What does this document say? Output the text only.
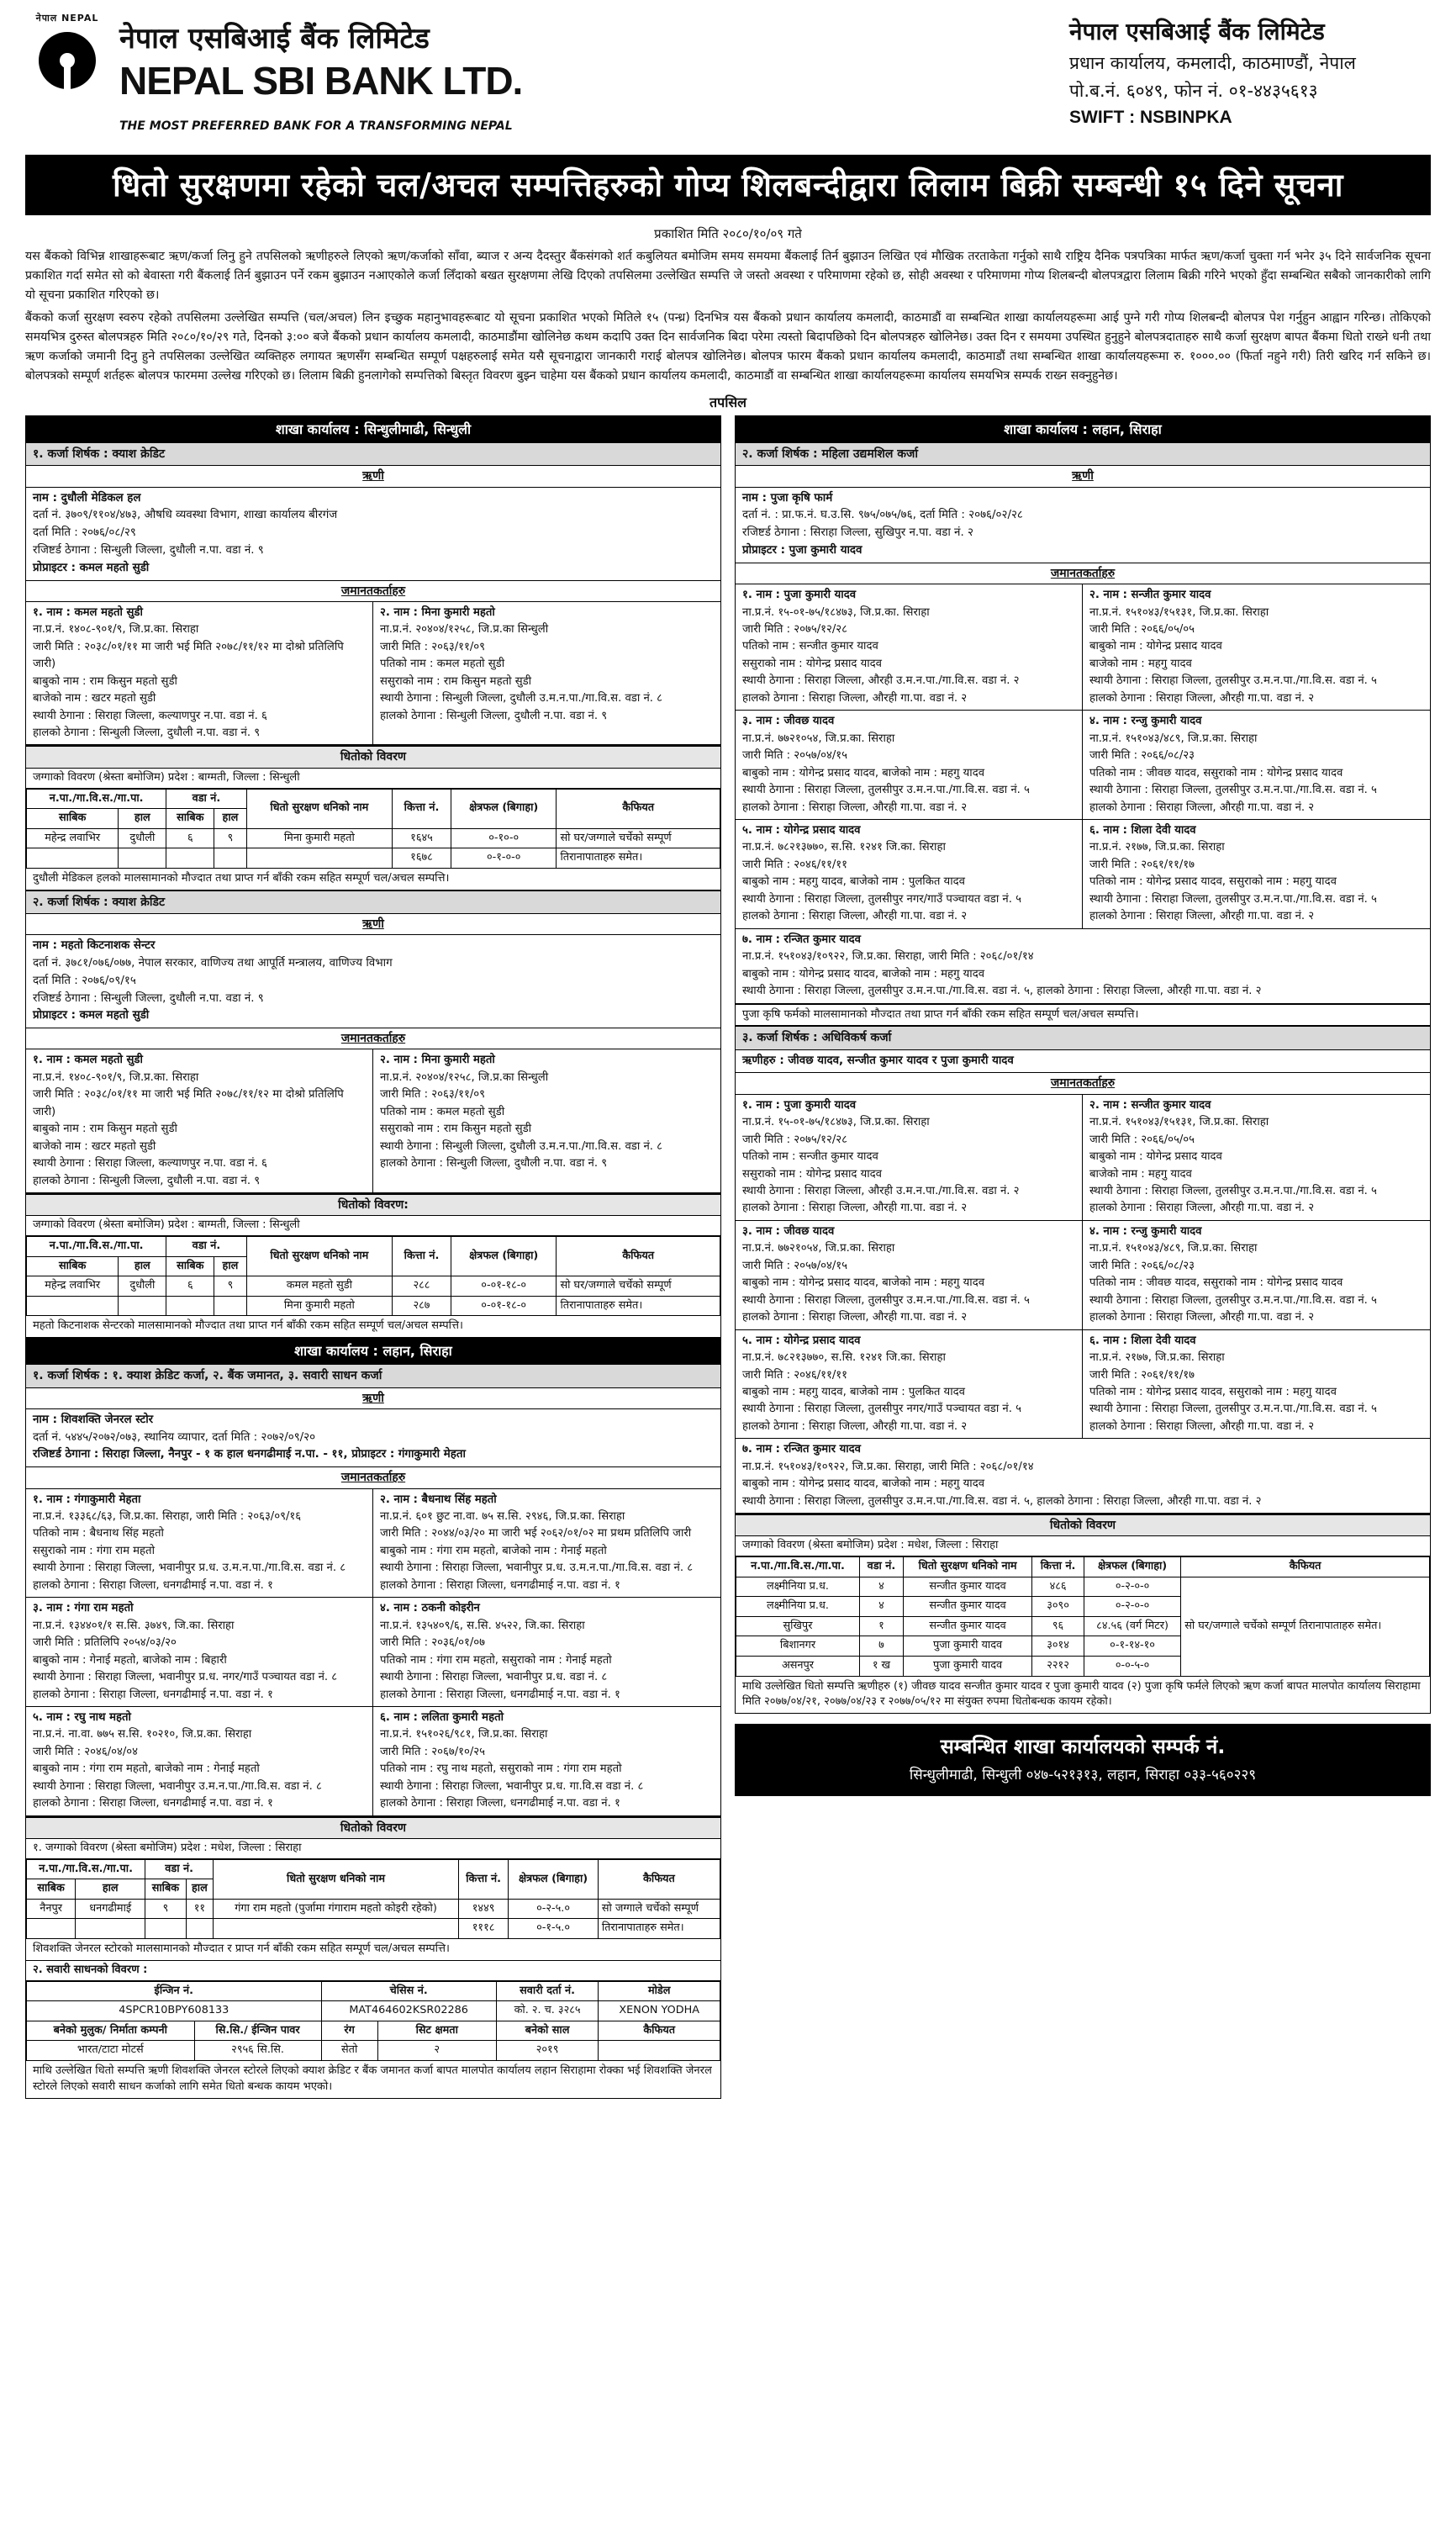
नेपाल NEPAL
नेपाल एसबिआई बैंक लिमिटेड
NEPAL SBI BANK LTD.
THE MOST PREFERRED BANK FOR A TRANSFORMING NEPAL
नेपाल एसबिआई बैंक लिमिटेड
प्रधान कार्यालय, कमलादी, काठमाण्डौं, नेपाल
पो.ब.नं. ६०४९, फोन नं. ०१-४४३५६१३
SWIFT : NSBINPKA
धितो सुरक्षणमा रहेको चल/अचल सम्पत्तिहरुको गोप्य शिलबन्दीद्वारा लिलाम बिक्री सम्बन्धी १५ दिने सूचना
प्रकाशित मिति २०८०/१०/०९ गते

यस बैंकको विभिन्न शाखाहरूबाट ऋण/कर्जा लिनु हुने तपसिलको ऋणीहरुले लिएको ऋण/कर्जाको साँवा, ब्याज र अन्य दैदस्तुर बैंकसंगको शर्त कबुलियत बमोजिम समय समयमा बैंकलाई तिर्न बुझाउन लिखित एवं मौखिक तरताकेता गर्नुको साथै राष्ट्रिय दैनिक पत्रपत्रिका मार्फत ऋण/कर्जा चुक्ता गर्न भनेर ३५ दिने सार्वजनिक सूचना प्रकाशित गर्दा समेत सो को बेवास्ता गरी बैंकलाई तिर्न बुझाउन पर्ने रकम बुझाउन नआएकोले कर्जा लिँदाको बखत सुरक्षणमा लेखि दिएको तपसिलमा उल्लेखित सम्पत्ति जे जस्तो अवस्था र परिमाणमा रहेको छ, सोही अवस्था र परिमाणमा गोप्य शिलबन्दी बोलपत्रद्वारा लिलाम बिक्री गरिने भएको हुँदा सम्बन्धित सबैको जानकारीको लागि यो सूचना प्रकाशित गरिएको छ।

बैंकको कर्जा सुरक्षण स्वरुप रहेको तपसिलमा उल्लेखित सम्पत्ति (चल/अचल) लिन इच्छुक महानुभावहरूबाट यो सूचना प्रकाशित भएको मितिले १५ (पन्ध्र) दिनभित्र यस बैंकको प्रधान कार्यालय कमलादी, काठमाडौं वा सम्बन्धित शाखा कार्यालयहरूमा आई पुग्ने गरी गोप्य शिलबन्दी बोलपत्र पेश गर्नुहुन आह्वान गरिन्छ। तोकिएको समयभित्र दुरुस्त बोलपत्रहरु मिति २०८०/१०/२९ गते, दिनको ३:०० बजे बैंकको प्रधान कार्यालय कमलादी, काठमाडौंमा खोलिनेछ कथम कदापि उक्त दिन सार्वजनिक बिदा परेमा त्यस्तो बिदापछिको दिन बोलपत्रहरु खोलिनेछ। उक्त दिन र समयमा उपस्थित हुनुहुने बोलपत्रदाताहरु साथै कर्जा सुरक्षण बापत बैंकमा धितो राख्ने धनी तथा ऋण कर्जाको जमानी दिनु हुने तपसिलका उल्लेखित व्यक्तिहरु लगायत ऋणसँग सम्बन्धित सम्पूर्ण पक्षहरुलाई समेत यसै सूचनाद्वारा जानकारी गराई बोलपत्र खोलिनेछ। बोलपत्र फारम बैंकको प्रधान कार्यालय कमलादी, काठमाडौं तथा सम्बन्धित शाखा कार्यालयहरूमा रु. १०००.०० (फिर्ता नहुने गरी) तिरी खरिद गर्न सकिने छ। बोलपत्रको सम्पूर्ण शर्तहरू बोलपत्र फारममा उल्लेख गरिएको छ। लिलाम बिक्री हुनलागेको सम्पत्तिको बिस्तृत विवरण बुझ्न चाहेमा यस बैंकको प्रधान कार्यालय कमलादी, काठमाडौं वा सम्बन्धित शाखा कार्यालयहरूमा कार्यालय समयभित्र सम्पर्क राख्न सक्नुहुनेछ।

तपसिल
शाखा कार्यालय : सिन्धुलीमाढी, सिन्धुली
१. कर्जा शिर्षक : क्याश क्रेडिट
ऋणी
नाम : दुधौली मेडिकल हल
दर्ता नं. ३७०९/११०४/४७३, औषधि व्यवस्था विभाग, शाखा कार्यालय बीरगंज
दर्ता मिति : २०७६/०८/२९
रजिष्टर्ड ठेगाना : सिन्धुली जिल्ला, दुधौली न.पा. वडा नं. ९
प्रोप्राइटर : कमल महतो सुडी
जमानतकर्ताहरु
१. नाम : कमल महतो सुडी
ना.प्र.नं. १४०८-९०१/९, जि.प्र.का. सिराहा
जारी मिति : २०३८/०१/११ मा जारी भई मिति २०७८/११/१२ मा दोश्रो प्रतिलिपि जारी)
बाबुको नाम : राम किसुन महतो सुडी
बाजेको नाम : खटर महतो सुडी
स्थायी ठेगाना : सिराहा जिल्ला, कल्याणपुर न.पा. वडा नं. ६
हालको ठेगाना : सिन्धुली जिल्ला, दुधौली न.पा. वडा नं. ९
२. नाम : मिना कुमारी महतो
ना.प्र.नं. २०४०४/१२५८, जि.प्र.का सिन्धुली
जारी मिति : २०६३/११/०९
पतिको नाम : कमल महतो सुडी
ससुराको नाम : राम किसुन महतो सुडी
स्थायी ठेगाना : सिन्धुली जिल्ला, दुधौली उ.म.न.पा./गा.वि.स. वडा नं. ८
हालको ठेगाना : सिन्धुली जिल्ला, दुधौली न.पा. वडा नं. ९
धितोको विवरण
जग्गाको विवरण (श्रेस्ता बमोजिम) प्रदेश : बाग्मती, जिल्ला : सिन्धुली
न.पा./गा.वि.स./गा.पा.		वडा नं.		धितो सुरक्षण धनिको नाम	कित्ता नं.	क्षेत्रफल (बिगाहा)	कैफियत
साबिक	हाल	साबिक	हाल				
महेन्द्र लवाभिर	दुधौली	६	९	मिना कुमारी महतो	१६४५	०-१०-०	सो घर/जग्गाले चर्चेको सम्पूर्ण
					१६७८	०-१-०-०	तिरानापाताहरु समेत।
दुधौली मेडिकल हलको मालसामानको मौज्दात तथा प्राप्त गर्न बाँकी रकम सहित सम्पूर्ण चल/अचल सम्पत्ति।
२. कर्जा शिर्षक : क्याश क्रेडिट
ऋणी
नाम : महतो किटनाशक सेन्टर
दर्ता नं. ३७८१/०७६/०७७, नेपाल सरकार, वाणिज्य तथा आपूर्ति मन्त्रालय, वाणिज्य विभाग
दर्ता मिति : २०७६/०९/१५
रजिष्टर्ड ठेगाना : सिन्धुली जिल्ला, दुधौली न.पा. वडा नं. ९
प्रोप्राइटर : कमल महतो सुडी
जमानतकर्ताहरु
१. नाम : कमल महतो सुडी
ना.प्र.नं. १४०८-९०१/९, जि.प्र.का. सिराहा
जारी मिति : २०३८/०१/११ मा जारी भई मिति २०७८/११/१२ मा दोश्रो प्रतिलिपि जारी)
बाबुको नाम : राम किसुन महतो सुडी
बाजेको नाम : खटर महतो सुडी
स्थायी ठेगाना : सिराहा जिल्ला, कल्याणपुर न.पा. वडा नं. ६
हालको ठेगाना : सिन्धुली जिल्ला, दुधौली न.पा. वडा नं. ९
२. नाम : मिना कुमारी महतो
ना.प्र.नं. २०४०४/१२५८, जि.प्र.का सिन्धुली
जारी मिति : २०६३/११/०९
पतिको नाम : कमल महतो सुडी
ससुराको नाम : राम किसुन महतो सुडी
स्थायी ठेगाना : सिन्धुली जिल्ला, दुधौली उ.म.न.पा./गा.वि.स. वडा नं. ८
हालको ठेगाना : सिन्धुली जिल्ला, दुधौली न.पा. वडा नं. ९
धितोको विवरण:
जग्गाको विवरण (श्रेस्ता बमोजिम) प्रदेश : बाग्मती, जिल्ला : सिन्धुली
न.पा./गा.वि.स./गा.पा.		वडा नं.		धितो सुरक्षण धनिको नाम	कित्ता नं.	क्षेत्रफल (बिगाहा)	कैफियत
साबिक	हाल	साबिक	हाल				
महेन्द्र लवाभिर	दुधौली	६	९	कमल महतो सुडी	२८८	०-०१-१८-०	सो घर/जग्गाले चर्चेको सम्पूर्ण
				मिना कुमारी महतो	२८७	०-०१-१८-०	तिरानापाताहरु समेत।
महतो किटनाशक सेन्टरको मालसामानको मौज्दात तथा प्राप्त गर्न बाँकी रकम सहित सम्पूर्ण चल/अचल सम्पत्ति।
शाखा कार्यालय : लहान, सिराहा
१. कर्जा शिर्षक : १. क्याश क्रेडिट कर्जा, २. बैंक जमानत, ३. सवारी साधन कर्जा
ऋणी
नाम : शिवशक्ति जेनरल स्टोर
दर्ता नं. ५४४५/२०७२/०७३, स्थानिय व्यापार, दर्ता मिति : २०७२/०९/२०
रजिष्टर्ड ठेगाना : सिराहा जिल्ला, नैनपुर - १ क हाल धनगढीमाई न.पा. - ११, प्रोप्राइटर : गंगाकुमारी मेहता
जमानतकर्ताहरु
१. नाम : गंगाकुमारी मेहता
ना.प्र.नं. १३३६८/६३, जि.प्र.का. सिराहा, जारी मिति : २०६३/०९/१६
पतिको नाम : बैधनाथ सिंह महतो
ससुराको नाम : गंगा राम महतो
स्थायी ठेगाना : सिराहा जिल्ला, भवानीपुर प्र.ध. उ.म.न.पा./गा.वि.स. वडा नं. ८
हालको ठेगाना : सिराहा जिल्ला, धनगढीमाई न.पा. वडा नं. १
२. नाम : बैधनाथ सिंह महतो
ना.प्र.नं. ६०१ छुट ना.वा. ७५ स.सि. २९४६, जि.प्र.का. सिराहा
जारी मिति : २०४४/०३/२० मा जारी भई २०६२/०१/०२ मा प्रथम प्रतिलिपि जारी
बाबुको नाम : गंगा राम महतो, बाजेको नाम : गेनाई महतो
स्थायी ठेगाना : सिराहा जिल्ला, भवानीपुर प्र.ध. उ.म.न.पा./गा.वि.स. वडा नं. ८
हालको ठेगाना : सिराहा जिल्ला, धनगढीमाई न.पा. वडा नं. १
३. नाम : गंगा राम महतो
ना.प्र.नं. १३४४०१/१ स.सि. ३७४९, जि.का. सिराहा
जारी मिति : प्रतिलिपि २०५४/०३/२०
बाबुको नाम : गेनाई महतो, बाजेको नाम : बिहारी
स्थायी ठेगाना : सिराहा जिल्ला, भवानीपुर प्र.ध. नगर/गाउँ पञ्चायत वडा नं. ८
हालको ठेगाना : सिराहा जिल्ला, धनगढीमाई न.पा. वडा नं. १
४. नाम : ठकनी कोइरीन
ना.प्र.नं. १३५४०९/६, स.सि. ४५२२, जि.का. सिराहा
जारी मिति : २०३६/०१/०७
पतिको नाम : गंगा राम महतो, ससुराको नाम : गेनाई महतो
स्थायी ठेगाना : सिराहा जिल्ला, भवानीपुर प्र.ध. वडा नं. ८
हालको ठेगाना : सिराहा जिल्ला, धनगढीमाई न.पा. वडा नं. १
५. नाम : रघु नाथ महतो
ना.प्र.नं. ना.वा. ७७५ स.सि. १०२१०, जि.प्र.का. सिराहा
जारी मिति : २०४६/०४/०४
बाबुको नाम : गंगा राम महतो, बाजेको नाम : गेनाई महतो
स्थायी ठेगाना : सिराहा जिल्ला, भवानीपुर उ.म.न.पा./गा.वि.स. वडा नं. ८
हालको ठेगाना : सिराहा जिल्ला, धनगढीमाई न.पा. वडा नं. १
६. नाम : ललिता कुमारी महतो
ना.प्र.नं. १५१०२६/९८१, जि.प्र.का. सिराहा
जारी मिति : २०६७/१०/२५
पतिको नाम : रघु नाथ महतो, ससुराको नाम : गंगा राम महतो
स्थायी ठेगाना : सिराहा जिल्ला, भवानीपुर प्र.ध. गा.वि.स वडा नं. ८
हालको ठेगाना : सिराहा जिल्ला, धनगढीमाई न.पा. वडा नं. १
धितोको विवरण
१. जग्गाको विवरण (श्रेस्ता बमोजिम) प्रदेश : मधेश, जिल्ला : सिराहा
न.पा./गा.वि.स./गा.पा.		वडा नं.		धितो सुरक्षण धनिको नाम	कित्ता नं.	क्षेत्रफल (बिगाहा)	कैफियत
साबिक	हाल	साबिक	हाल				
नैनपुर	धनगढीमाई	९	११	गंगा राम महतो (पुर्जामा गंगाराम महतो कोइरी रहेको)	१४४९	०-२-५.०	सो जग्गाले चर्चेको सम्पूर्ण
					१११८	०-१-५.०	तिरानापाताहरु समेत।
शिवशक्ति जेनरल स्टोरको मालसामानको मौज्दात र प्राप्त गर्न बाँकी रकम सहित सम्पूर्ण चल/अचल सम्पत्ति।
२. सवारी साधनको विवरण :
ईन्जिन नं.		चेसिस नं.		सवारी दर्ता नं.	मोडेल
4SPCR10BPY608133		MAT464602KSR02286		को. २. च. ३२८५	XENON YODHA
बनेको मुलुक/ निर्माता कम्पनी	सि.सि./ ईन्जिन पावर	रंग	सिट क्षमता	बनेको साल	कैफियत
भारत/टाटा मोटर्स	२९५६ सि.सि.	सेतो	२	२०१९	
माथि उल्लेखित धितो सम्पत्ति ऋणी शिवशक्ति जेनरल स्टोरले लिएको क्याश क्रेडिट र बैंक जमानत कर्जा बापत मालपोत कार्यालय लहान सिराहामा रोक्का भई शिवशक्ति जेनरल स्टोरले लिएको सवारी साधन कर्जाको लागि समेत धितो बन्धक कायम भएको।
शाखा कार्यालय : लहान, सिराहा
२. कर्जा शिर्षक : महिला उद्यमशिल कर्जा
ऋणी
नाम : पुजा कृषि फार्म
दर्ता नं. : प्रा.फ.नं. घ.उ.सि. ९७५/०७५/७६, दर्ता मिति : २०७६/०२/२८
रजिष्टर्ड ठेगाना : सिराहा जिल्ला, सुखिपुर न.पा. वडा नं. २
प्रोप्राइटर : पुजा कुमारी यादव
जमानतकर्ताहरु
१. नाम : पुजा कुमारी यादव
ना.प्र.नं. १५-०१-७५/१८४७३, जि.प्र.का. सिराहा
जारी मिति : २०७५/१२/२८
पतिको नाम : सन्जीत कुमार यादव
ससुराको नाम : योगेन्द्र प्रसाद यादव
स्थायी ठेगाना : सिराहा जिल्ला, औरही उ.म.न.पा./गा.वि.स. वडा नं. २
हालको ठेगाना : सिराहा जिल्ला, औरही गा.पा. वडा नं. २
२. नाम : सन्जीत कुमार यादव
ना.प्र.नं. १५१०४३/१५१३१, जि.प्र.का. सिराहा
जारी मिति : २०६६/०५/०५
बाबुको नाम : योगेन्द्र प्रसाद यादव
बाजेको नाम : महगु यादव
स्थायी ठेगाना : सिराहा जिल्ला, तुलसीपुर उ.म.न.पा./गा.वि.स. वडा नं. ५
हालको ठेगाना : सिराहा जिल्ला, औरही गा.पा. वडा नं. २
३. नाम : जीवछ यादव
ना.प्र.नं. ७७२१०५४, जि.प्र.का. सिराहा
जारी मिति : २०५७/०४/१५
बाबुको नाम : योगेन्द्र प्रसाद यादव, बाजेको नाम : महगु यादव
स्थायी ठेगाना : सिराहा जिल्ला, तुलसीपुर उ.म.न.पा./गा.वि.स. वडा नं. ५
हालको ठेगाना : सिराहा जिल्ला, औरही गा.पा. वडा नं. २
४. नाम : रन्जु कुमारी यादव
ना.प्र.नं. १५१०४३/४८९, जि.प्र.का. सिराहा
जारी मिति : २०६६/०८/२३
पतिको नाम : जीवछ यादव, ससुराको नाम : योगेन्द्र प्रसाद यादव
स्थायी ठेगाना : सिराहा जिल्ला, तुलसीपुर उ.म.न.पा./गा.वि.स. वडा नं. ५
हालको ठेगाना : सिराहा जिल्ला, औरही गा.पा. वडा नं. २
५. नाम : योगेन्द्र प्रसाद यादव
ना.प्र.नं. ७८२१३७७०, स.सि. १२४१ जि.का. सिराहा
जारी मिति : २०४६/११/११
बाबुको नाम : महगु यादव, बाजेको नाम : पुलकित यादव
स्थायी ठेगाना : सिराहा जिल्ला, तुलसीपुर नगर/गाउँ पञ्चायत वडा नं. ५
हालको ठेगाना : सिराहा जिल्ला, औरही गा.पा. वडा नं. २
६. नाम : शिला देवी यादव
ना.प्र.नं. २१७७, जि.प्र.का. सिराहा
जारी मिति : २०६१/११/१७
पतिको नाम : योगेन्द्र प्रसाद यादव, ससुराको नाम : महगु यादव
स्थायी ठेगाना : सिराहा जिल्ला, तुलसीपुर उ.म.न.पा./गा.वि.स. वडा नं. ५
हालको ठेगाना : सिराहा जिल्ला, औरही गा.पा. वडा नं. २
७. नाम : रन्जित कुमार यादव
ना.प्र.नं. १५१०४३/१०९२२, जि.प्र.का. सिराहा, जारी मिति : २०६८/०१/१४
बाबुको नाम : योगेन्द्र प्रसाद यादव, बाजेको नाम : महगु यादव
स्थायी ठेगाना : सिराहा जिल्ला, तुलसीपुर उ.म.न.पा./गा.वि.स. वडा नं. ५, हालको ठेगाना : सिराहा जिल्ला, औरही गा.पा. वडा नं. २
पुजा कृषि फर्मको मालसामानको मौज्दात तथा प्राप्त गर्न बाँकी रकम सहित सम्पूर्ण चल/अचल सम्पत्ति।
३. कर्जा शिर्षक : अधिविकर्ष कर्जा
ऋणीहरु : जीवछ यादव, सन्जीत कुमार यादव र पुजा कुमारी यादव
जमानतकर्ताहरु
१. नाम : पुजा कुमारी यादव
ना.प्र.नं. १५-०१-७५/१८४७३, जि.प्र.का. सिराहा
जारी मिति : २०७५/१२/२८
पतिको नाम : सन्जीत कुमार यादव
ससुराको नाम : योगेन्द्र प्रसाद यादव
स्थायी ठेगाना : सिराहा जिल्ला, औरही उ.म.न.पा./गा.वि.स. वडा नं. २
हालको ठेगाना : सिराहा जिल्ला, औरही गा.पा. वडा नं. २
२. नाम : सन्जीत कुमार यादव
ना.प्र.नं. १५१०४३/१५१३१, जि.प्र.का. सिराहा
जारी मिति : २०६६/०५/०५
बाबुको नाम : योगेन्द्र प्रसाद यादव
बाजेको नाम : महगु यादव
स्थायी ठेगाना : सिराहा जिल्ला, तुलसीपुर उ.म.न.पा./गा.वि.स. वडा नं. ५
हालको ठेगाना : सिराहा जिल्ला, औरही गा.पा. वडा नं. २
३. नाम : जीवछ यादव
ना.प्र.नं. ७७२१०५४, जि.प्र.का. सिराहा
जारी मिति : २०५७/०४/१५
बाबुको नाम : योगेन्द्र प्रसाद यादव, बाजेको नाम : महगु यादव
स्थायी ठेगाना : सिराहा जिल्ला, तुलसीपुर उ.म.न.पा./गा.वि.स. वडा नं. ५
हालको ठेगाना : सिराहा जिल्ला, औरही गा.पा. वडा नं. २
४. नाम : रन्जु कुमारी यादव
ना.प्र.नं. १५१०४३/४८९, जि.प्र.का. सिराहा
जारी मिति : २०६६/०८/२३
पतिको नाम : जीवछ यादव, ससुराको नाम : योगेन्द्र प्रसाद यादव
स्थायी ठेगाना : सिराहा जिल्ला, तुलसीपुर उ.म.न.पा./गा.वि.स. वडा नं. ५
हालको ठेगाना : सिराहा जिल्ला, औरही गा.पा. वडा नं. २
५. नाम : योगेन्द्र प्रसाद यादव
ना.प्र.नं. ७८२१३७७०, स.सि. १२४१ जि.का. सिराहा
जारी मिति : २०४६/११/११
बाबुको नाम : महगु यादव, बाजेको नाम : पुलकित यादव
स्थायी ठेगाना : सिराहा जिल्ला, तुलसीपुर नगर/गाउँ पञ्चायत वडा नं. ५
हालको ठेगाना : सिराहा जिल्ला, औरही गा.पा. वडा नं. २
६. नाम : शिला देवी यादव
ना.प्र.नं. २१७७, जि.प्र.का. सिराहा
जारी मिति : २०६१/११/१७
पतिको नाम : योगेन्द्र प्रसाद यादव, ससुराको नाम : महगु यादव
स्थायी ठेगाना : सिराहा जिल्ला, तुलसीपुर उ.म.न.पा./गा.वि.स. वडा नं. ५
हालको ठेगाना : सिराहा जिल्ला, औरही गा.पा. वडा नं. २
७. नाम : रन्जित कुमार यादव
ना.प्र.नं. १५१०४३/१०९२२, जि.प्र.का. सिराहा, जारी मिति : २०६८/०१/१४
बाबुको नाम : योगेन्द्र प्रसाद यादव, बाजेको नाम : महगु यादव
स्थायी ठेगाना : सिराहा जिल्ला, तुलसीपुर उ.म.न.पा./गा.वि.स. वडा नं. ५, हालको ठेगाना : सिराहा जिल्ला, औरही गा.पा. वडा नं. २
धितोको विवरण
जग्गाको विवरण (श्रेस्ता बमोजिम) प्रदेश : मधेश, जिल्ला : सिराहा
न.पा./गा.वि.स./गा.पा.	वडा नं.	धितो सुरक्षण धनिको नाम	कित्ता नं.	क्षेत्रफल (बिगाहा)	कैफियत
लक्ष्मीनिया प्र.ध.	४	सन्जीत कुमार यादव	४८६	०-२-०-०	सो घर/जग्गाले चर्चेको सम्पूर्ण तिरानापाताहरु समेत।
लक्ष्मीनिया प्र.ध.	४	सन्जीत कुमार यादव	३०९०	०-२-०-०	
सुखिपुर	१	सन्जीत कुमार यादव	९६	८४.५६ (वर्ग मिटर)	
बिशानगर	७	पुजा कुमारी यादव	३०१४	०-१-१४-१०	
असनपुर	१ ख	पुजा कुमारी यादव	२२१२	०-०-५-०	
माथि उल्लेखित धितो सम्पत्ति ऋणीहरु (१) जीवछ यादव सन्जीत कुमार यादव र पुजा कुमारी यादव (२) पुजा कृषि फर्मले लिएको ऋण कर्जा बापत मालपोत कार्यालय सिराहामा मिति २०७७/०४/२१, २०७७/०४/२३ र २०७७/०५/१२ मा संयुक्त रुपमा धितोबन्धक कायम रहेको।
सम्बन्धित शाखा कार्यालयको सम्पर्क नं.
सिन्धुलीमाढी, सिन्धुली ०४७-५२१३१३, लहान, सिराहा ०३३-५६०२२९
